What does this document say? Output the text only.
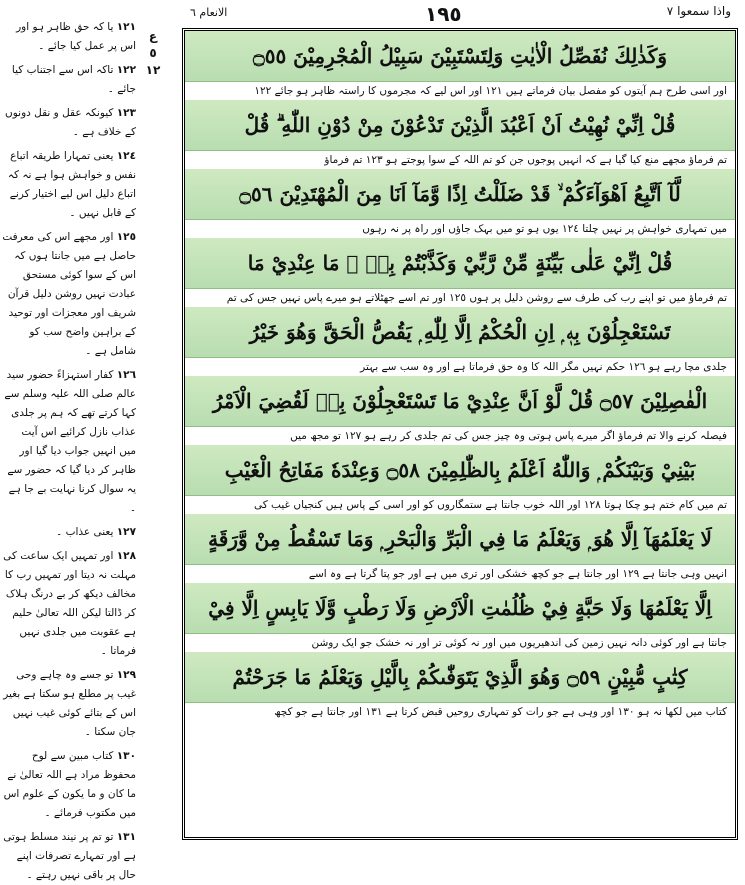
الانعام ٦	١٩٥	واذا سمعوا ٧
ع
٥
١٢
١٢١ یا کہ حق ظاہر ہو اور اس پر عمل کیا جائے ۔
١٢٢ تاکہ اس سے اجتناب کیا جائے ۔
١٢٣ کیونکہ عقل و نقل دونوں کے خلاف ہے ۔
١٢٤ یعنی تمہارا طریقہ اتباع نفس و خواہش ہوا ہے نہ کہ اتباع دلیل اس لیے اختیار کرنے کے قابل نہیں ۔
١٢٥ اور مجھے اس کی معرفت حاصل ہے میں جانتا ہوں کہ اس کے سوا کوئی مستحق عبادت نہیں روشن دلیل قرآن شریف اور معجزات اور توحید کے براہین واضح سب کو شامل ہے ۔
١٢٦ کفار استہزاءً حضور سید عالم صلی اللہ علیہ وسلم سے کہا کرتے تھے کہ ہم پر جلدی عذاب نازل کرائیے اس آیت میں انہیں جواب دیا گیا اور ظاہر کر دیا گیا کہ حضور سے یہ سوال کرنا نہایت بے جا ہے ۔
١٢٧ یعنی عذاب ۔
١٢٨ اور تمہیں ایک ساعت کی مہلت نہ دیتا اور تمہیں رب کا مخالف دیکھ کر بے درنگ ہلاک کر ڈالتا لیکن اللہ تعالیٰ حلیم ہے عقوبت میں جلدی نہیں فرماتا ۔
١٢٩ تو جسے وہ چاہے وحی غیب پر مطلع ہو سکتا ہے بغیر اس کے بتائے کوئی غیب نہیں جان سکتا ۔
١٣٠ کتاب مبین سے لوح محفوظ مراد ہے اللہ تعالیٰ نے ما کان و ما یکون کے علوم اس میں مکتوب فرمائے ۔
١٣١ تو تم پر نیند مسلط ہوتی ہے اور تمہارے تصرفات اپنے حال پر باقی نہیں رہتے ۔
وَكَذٰلِكَ نُفَصِّلُ الْاٰيٰتِ وَلِتَسْتَبِيْنَ سَبِيْلُ الْمُجْرِمِيْنَ ۝٥٥
اور اسی طرح ہم آیتوں کو مفصل بیان فرماتے ہیں ١٢١ اور اس لیے کہ مجرموں کا راستہ ظاہر ہو جائے ١٢٢
قُلْ اِنِّيْ نُهِيْتُ اَنْ اَعْبُدَ الَّذِيْنَ تَدْعُوْنَ مِنْ دُوْنِ اللّٰهِ ۗ قُلْ
تم فرماؤ مجھے منع کیا گیا ہے کہ انہیں پوجوں جن کو تم اللہ کے سوا پوجتے ہو ١٢٣ تم فرماؤ
لَّآ اَتَّبِعُ اَهْوَآءَكُمْ ۙ قَدْ ضَلَلْتُ اِذًا وَّمَآ اَنَا مِنَ الْمُهْتَدِيْنَ ۝٥٦
میں تمہاری خواہش پر نہیں چلتا ١٢٤ یوں ہو تو میں بہک جاؤں اور راہ پر نہ رہوں
قُلْ اِنِّيْ عَلٰى بَيِّنَةٍ مِّنْ رَّبِّيْ وَكَذَّبْتُمْ بِهٖ ۭ مَا عِنْدِيْ مَا
تم فرماؤ میں تو اپنے رب کی طرف سے روشن دلیل پر ہوں ١٢٥ اور تم اسے جھٹلاتے ہو میرے پاس نہیں جس کی تم
تَسْتَعْجِلُوْنَ بِهٖ ۭ اِنِ الْحُكْمُ اِلَّا لِلّٰهِ ۭ يَقُصُّ الْحَقَّ وَهُوَ خَيْرُ
جلدی مچا رہے ہو ١٢٦ حکم نہیں مگر اللہ کا وہ حق فرماتا ہے اور وہ سب سے بہتر
الْفٰصِلِيْنَ ۝٥٧ قُلْ لَّوْ اَنَّ عِنْدِيْ مَا تَسْتَعْجِلُوْنَ بِهٖ لَقُضِيَ الْاَمْرُ
فیصلہ کرنے والا تم فرماؤ اگر میرے پاس ہوتی وہ چیز جس کی تم جلدی کر رہے ہو ١٢٧ تو مجھ میں
بَيْنِيْ وَبَيْنَكُمْ ۭ وَاللّٰهُ اَعْلَمُ بِالظّٰلِمِيْنَ ۝٥٨ وَعِنْدَهٗ مَفَاتِحُ الْغَيْبِ
تم میں کام ختم ہو چکا ہوتا ١٢٨ اور اللہ خوب جانتا ہے ستمگاروں کو اور اسی کے پاس ہیں کنجیاں غیب کی
لَا يَعْلَمُهَآ اِلَّا هُوَ ۭ وَيَعْلَمُ مَا فِي الْبَرِّ وَالْبَحْرِ ۭ وَمَا تَسْقُطُ مِنْ وَّرَقَةٍ
انہیں وہی جانتا ہے ١٢٩ اور جانتا ہے جو کچھ خشکی اور تری میں ہے اور جو پتا گرتا ہے وہ اسے
اِلَّا يَعْلَمُهَا وَلَا حَبَّةٍ فِيْ ظُلُمٰتِ الْاَرْضِ وَلَا رَطْبٍ وَّلَا يَابِسٍ اِلَّا فِيْ
جانتا ہے اور کوئی دانہ نہیں زمین کی اندھیریوں میں اور نہ کوئی تر اور نہ خشک جو ایک روشن
كِتٰبٍ مُّبِيْنٍ ۝٥٩ وَهُوَ الَّذِيْ يَتَوَفّٰىكُمْ بِالَّيْلِ وَيَعْلَمُ مَا جَرَحْتُمْ
کتاب میں لکھا نہ ہو ١٣٠ اور وہی ہے جو رات کو تمہاری روحیں قبض کرتا ہے ١٣١ اور جانتا ہے جو کچھ
